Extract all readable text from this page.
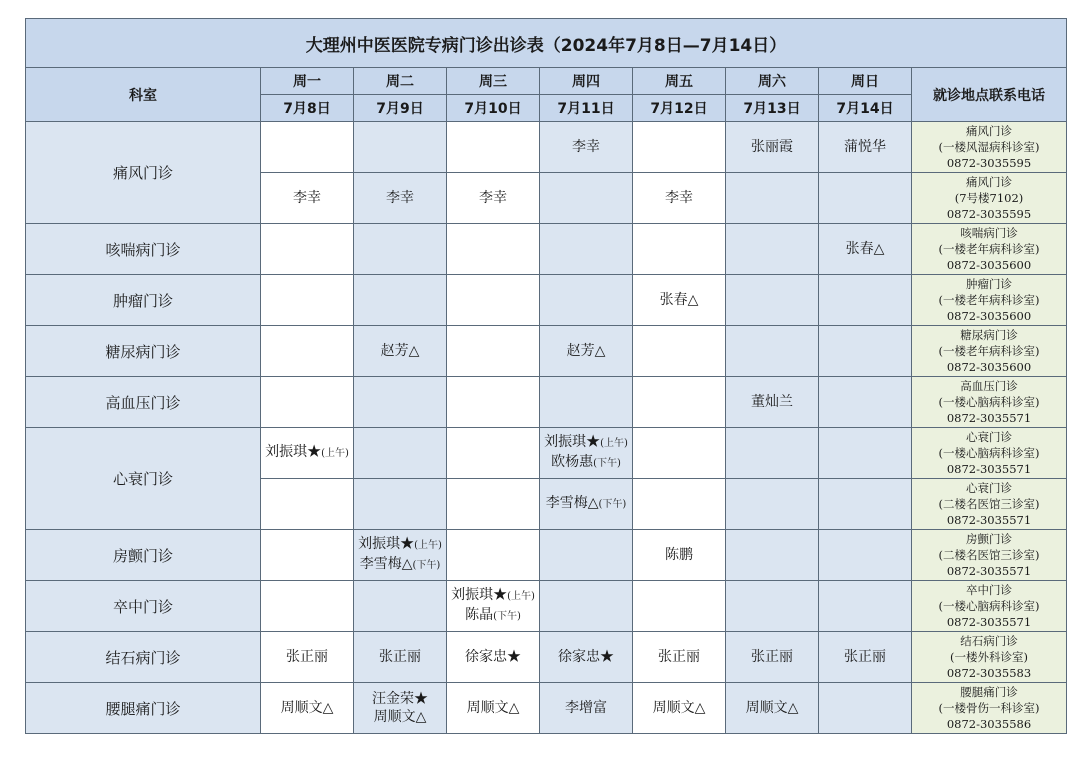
大理州中医医院专病门诊出诊表（2024年7月8日—7月14日）								
科室	周一	周二	周三	周四	周五	周六	周日	就诊地点联系电话
	7月8日	7月9日	7月10日	7月11日	7月12日	7月13日	7月14日	
痛风门诊				李幸		张丽霞	蒲悦华	痛风门诊
(一楼风湿病科诊室)
0872-3035595

	李幸	李幸	李幸		李幸			痛风门诊
(7号楼7102)
0872-3035595

咳喘病门诊							张春△	咳喘病门诊
(一楼老年病科诊室)
0872-3035600

肿瘤门诊					张春△			肿瘤门诊
(一楼老年病科诊室)
0872-3035600

糖尿病门诊		赵芳△		赵芳△				糖尿病门诊
(一楼老年病科诊室)
0872-3035600

高血压门诊						董灿兰		高血压门诊
(一楼心脑病科诊室)
0872-3035571

心衰门诊	刘振琪★(上午)			刘振琪★(上午)
欧杨惠(下午)				心衰门诊
(一楼心脑病科诊室)
0872-3035571

				李雪梅△(下午)				心衰门诊
(二楼名医馆三诊室)
0872-3035571

房颤门诊		刘振琪★(上午)
李雪梅△(下午)			陈鹏			房颤门诊
(二楼名医馆三诊室)
0872-3035571

卒中门诊			刘振琪★(上午)
陈晶(下午)					卒中门诊
(一楼心脑病科诊室)
0872-3035571

结石病门诊	张正丽	张正丽	徐家忠★	徐家忠★	张正丽	张正丽	张正丽	结石病门诊
(一楼外科诊室)
0872-3035583

腰腿痛门诊	周顺文△	汪金荣★
周顺文△	周顺文△	李增富	周顺文△	周顺文△		腰腿痛门诊
(一楼骨伤一科诊室)
0872-3035586
